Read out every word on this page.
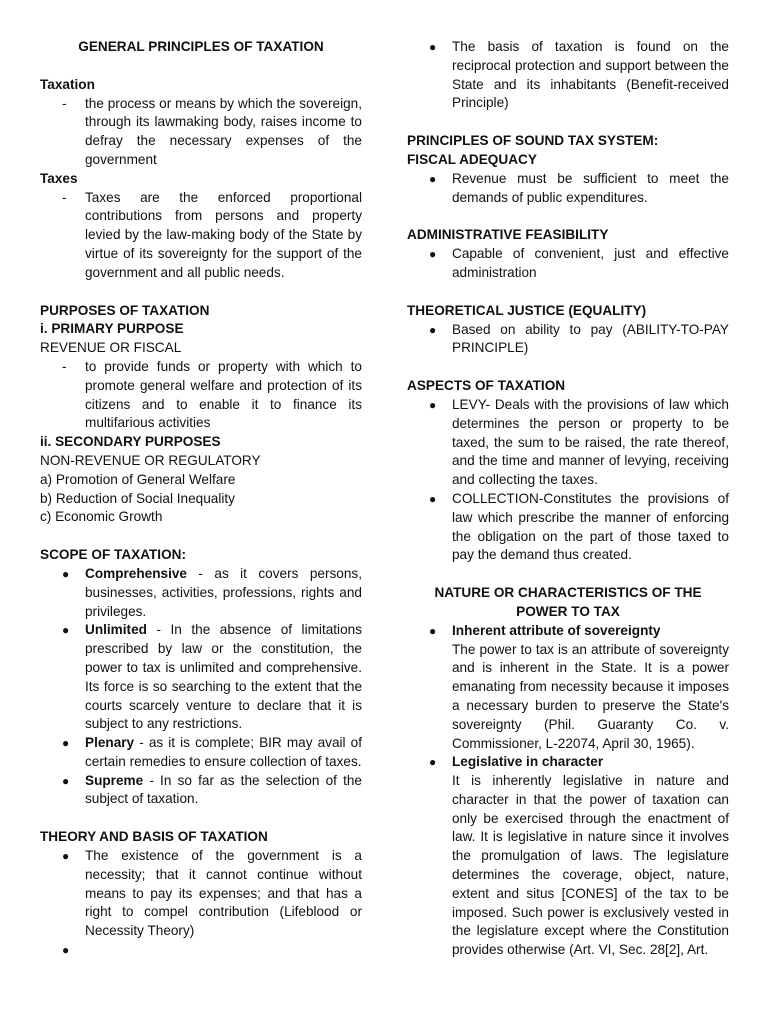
GENERAL PRINCIPLES OF TAXATION

Taxation

- the process or means by which the sovereign, through its lawmaking body, raises income to defray the necessary expenses of the government

Taxes

- Taxes are the enforced proportional contributions from persons and property levied by the law-making body of the State by virtue of its sovereignty for the support of the government and all public needs.

PURPOSES OF TAXATION

i. PRIMARY PURPOSE

REVENUE OR FISCAL

- to provide funds or property with which to promote general welfare and protection of its citizens and to enable it to finance its multifarious activities

ii. SECONDARY PURPOSES

NON-REVENUE OR REGULATORY

a) Promotion of General Welfare

b) Reduction of Social Inequality

c) Economic Growth

SCOPE OF TAXATION:

● Comprehensive - as it covers persons, businesses, activities, professions, rights and privileges.
● Unlimited - In the absence of limitations prescribed by law or the constitution, the power to tax is unlimited and comprehensive. Its force is so searching to the extent that the courts scarcely venture to declare that it is subject to any restrictions.
● Plenary - as it is complete; BIR may avail of certain remedies to ensure collection of taxes.
● Supreme - In so far as the selection of the subject of taxation.

THEORY AND BASIS OF TAXATION

● The existence of the government is a necessity; that it cannot continue without means to pay its expenses; and that has a right to compel contribution (Lifeblood or Necessity Theory)
●
● The basis of taxation is found on the reciprocal protection and support between the State and its inhabitants (Benefit-received Principle)

PRINCIPLES OF SOUND TAX SYSTEM:

FISCAL ADEQUACY

● Revenue must be sufficient to meet the demands of public expenditures.

ADMINISTRATIVE FEASIBILITY

● Capable of convenient, just and effective administration

THEORETICAL JUSTICE (EQUALITY)

● Based on ability to pay (ABILITY-TO-PAY PRINCIPLE)

ASPECTS OF TAXATION

● LEVY- Deals with the provisions of law which determines the person or property to be taxed, the sum to be raised, the rate thereof, and the time and manner of levying, receiving and collecting the taxes.
● COLLECTION-Constitutes the provisions of law which prescribe the manner of enforcing the obligation on the part of those taxed to pay the demand thus created.

NATURE OR CHARACTERISTICS OF THE

POWER TO TAX

● Inherent attribute of sovereignty
The power to tax is an attribute of sovereignty and is inherent in the State. It is a power emanating from necessity because it imposes a necessary burden to preserve the State's sovereignty (Phil. Guaranty Co. v. Commissioner, L-22074, April 30, 1965).
● Legislative in character
It is inherently legislative in nature and character in that the power of taxation can only be exercised through the enactment of law. It is legislative in nature since it involves the promulgation of laws. The legislature determines the coverage, object, nature, extent and situs [CONES] of the tax to be imposed. Such power is exclusively vested in the legislature except where the Constitution provides otherwise (Art. VI, Sec. 28[2], Art.
